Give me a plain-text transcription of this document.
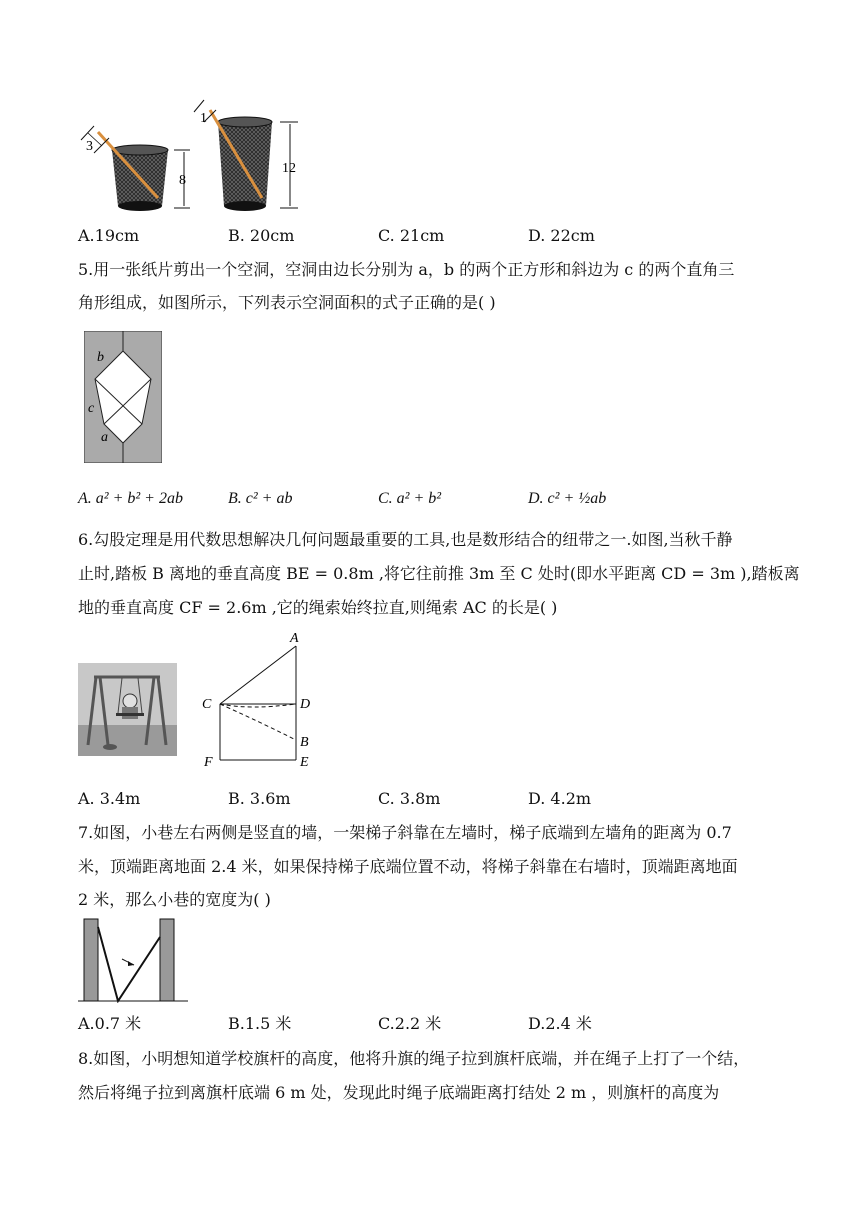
3
8
1
12
A.19cm	B. 20cm	C. 21cm	D. 22cm
5.用一张纸片剪出一个空洞，空洞由边长分别为 a，b 的两个正方形和斜边为 c 的两个直角三
角形组成，如图所示，下列表示空洞面积的式子正确的是( )
b
c
a
A. a² + b² + 2ab	B. c² + ab	C. a² + b²	D. c² + ½ab
6.勾股定理是用代数思想解决几何问题最重要的工具,也是数形结合的纽带之一.如图,当秋千静
止时,踏板 B 离地的垂直高度 BE = 0.8m ,将它往前推 3m 至 C 处时(即水平距离 CD = 3m ),踏板离
地的垂直高度 CF = 2.6m ,它的绳索始终拉直,则绳索 AC 的长是( )
A
C	D
B
F	E
A. 3.4m	B. 3.6m	C. 3.8m	D. 4.2m
7.如图，小巷左右两侧是竖直的墙，一架梯子斜靠在左墙时，梯子底端到左墙角的距离为 0.7
米，顶端距离地面 2.4 米，如果保持梯子底端位置不动，将梯子斜靠在右墙时，顶端距离地面
2 米，那么小巷的宽度为( )
A.0.7 米	B.1.5 米	C.2.2 米	D.2.4 米
8.如图，小明想知道学校旗杆的高度，他将升旗的绳子拉到旗杆底端，并在绳子上打了一个结，
然后将绳子拉到离旗杆底端 6 m 处，发现此时绳子底端距离打结处 2 m ，则旗杆的高度为
